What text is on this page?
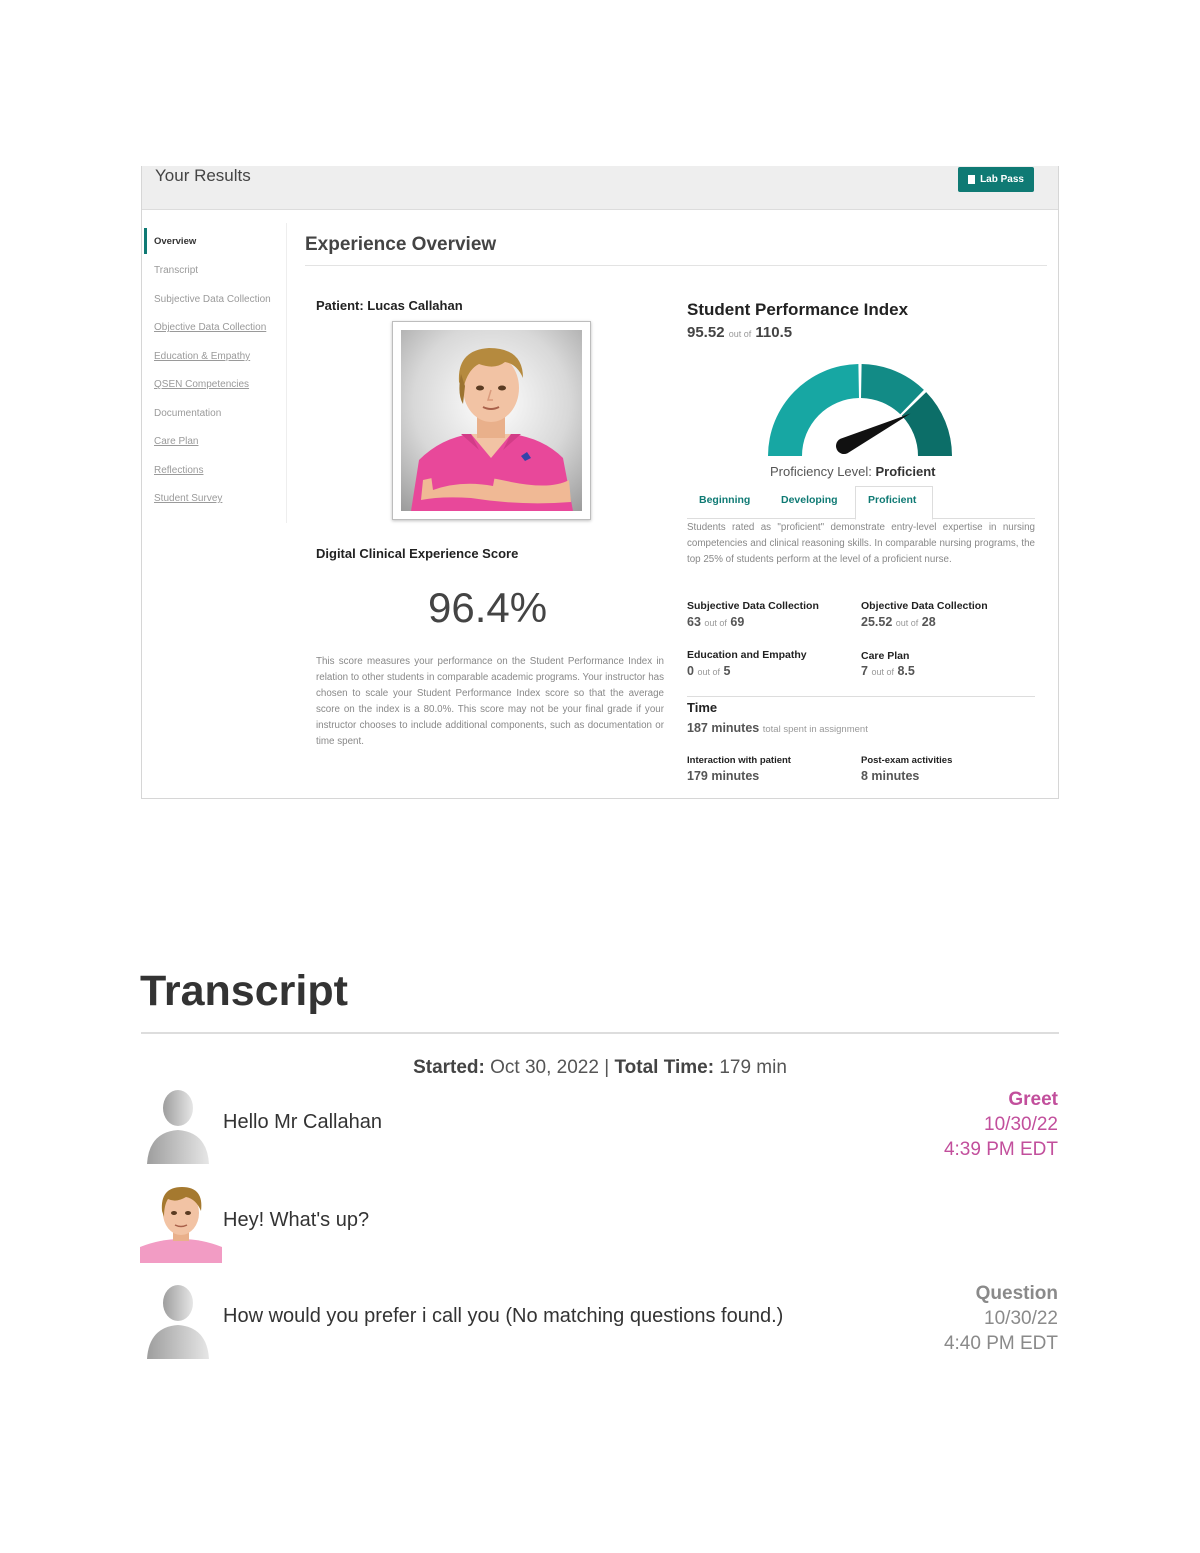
Your Results	Lab Pass
Overview
Transcript
Subjective Data Collection
Objective Data Collection
Education & Empathy
QSEN Competencies
Documentation
Care Plan
Reflections
Student Survey
Experience Overview
Patient: Lucas Callahan
Digital Clinical Experience Score
96.4%
This score measures your performance on the Student Performance Index in relation to other students in comparable academic programs. Your instructor has chosen to scale your Student Performance Index score so that the average score on the index is a 80.0%. This score may not be your final grade if your instructor chooses to include additional components, such as documentation or time spent.
Student Performance Index
95.52 out of 110.5
Proficiency Level: Proficient
Beginning	Developing	Proficient
Students rated as "proficient" demonstrate entry-level expertise in nursing competencies and clinical reasoning skills. In comparable nursing programs, the top 25% of students perform at the level of a proficient nurse.
Subjective Data Collection
63 out of 69
Objective Data Collection
25.52 out of 28
Education and Empathy
0 out of 5
Care Plan
7 out of 8.5
Time
187 minutes total spent in assignment
Interaction with patient
179 minutes
Post-exam activities
8 minutes
Transcript
Started: Oct 30, 2022 | Total Time: 179 min
Hello Mr Callahan
Greet
10/30/22
4:39 PM EDT
Hey! What's up?
How would you prefer i call you (No matching questions found.)
Question
10/30/22
4:40 PM EDT
